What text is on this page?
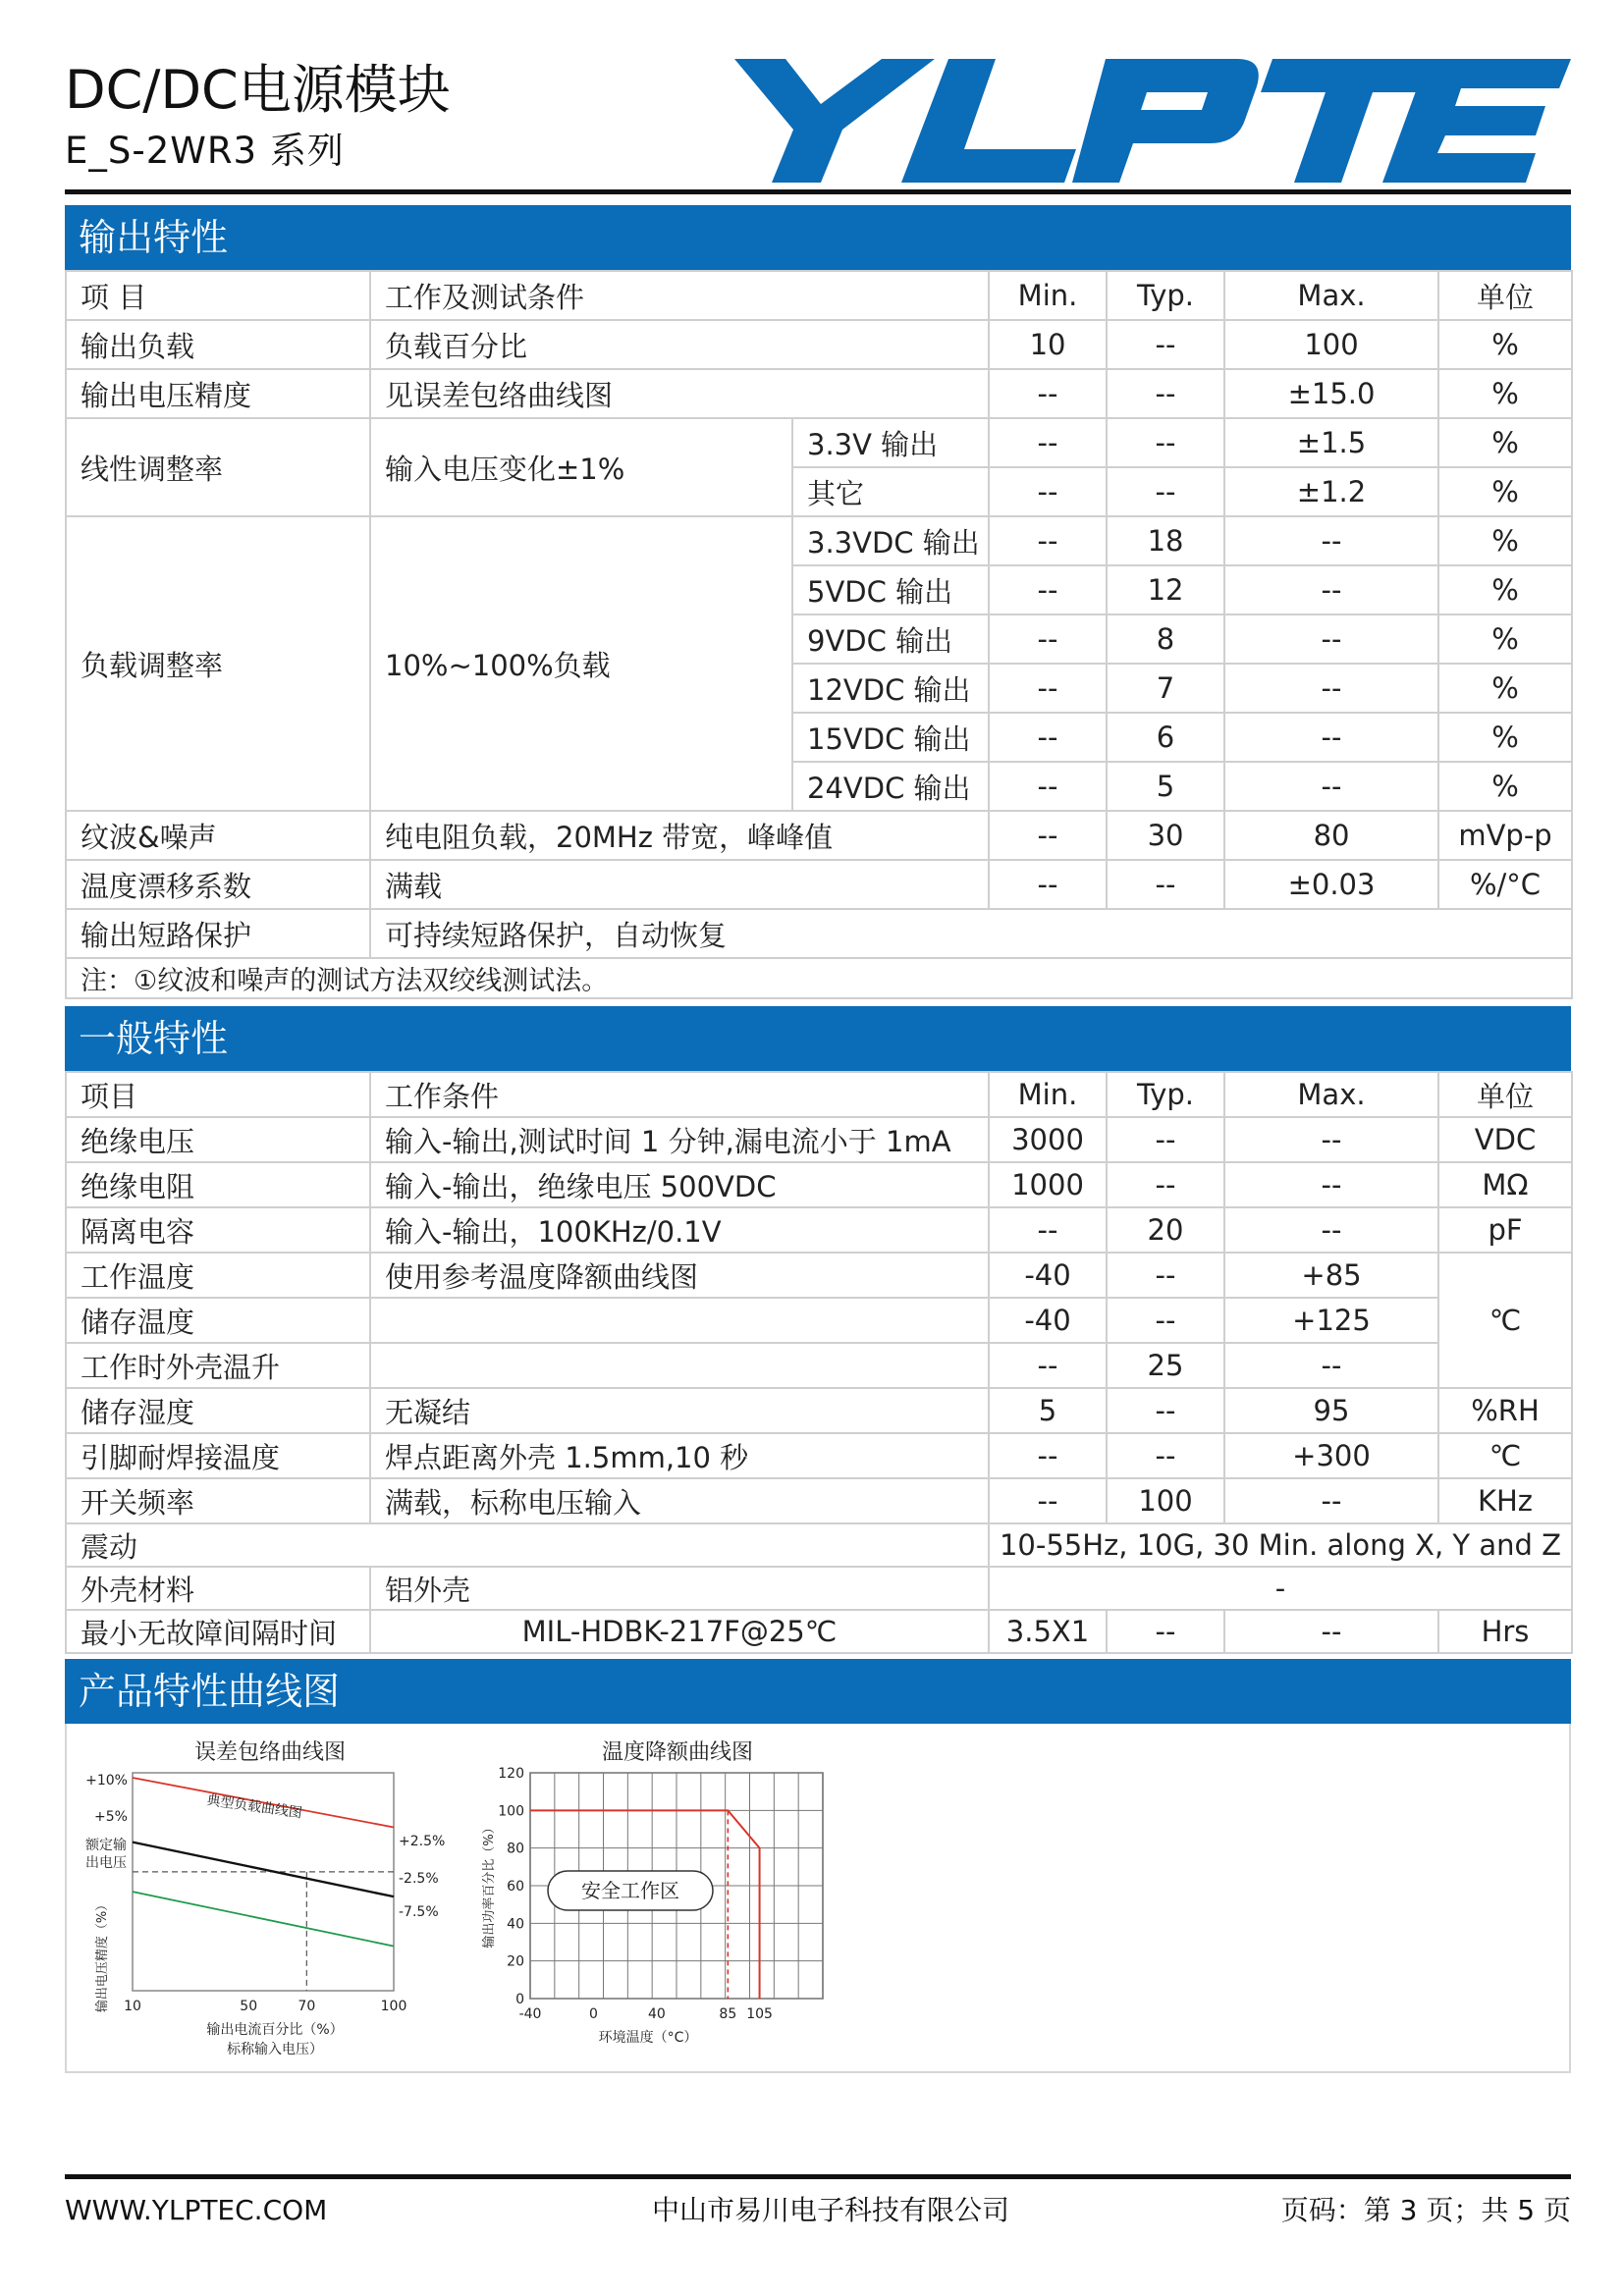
DC/DC电源模块
E_S-2WR3 系列
输出特性
项 目	工作及测试条件		Min.	Typ.	Max.	单位
输出负载	负载百分比		10	--	100	%
输出电压精度	见误差包络曲线图		--	--	±15.0	%
线性调整率	输入电压变化±1%	3.3V 输出	--	--	±1.5	%
		其它	--	--	±1.2	%
负载调整率	10%~100%负载	3.3VDC 输出	--	18	--	%
		5VDC 输出	--	12	--	%
		9VDC 输出	--	8	--	%
		12VDC 输出	--	7	--	%
		15VDC 输出	--	6	--	%
		24VDC 输出	--	5	--	%
纹波&噪声	纯电阻负载，20MHz 带宽，峰峰值		--	30	80	mVp-p
温度漂移系数	满载		--	--	±0.03	%/°C
输出短路保护	可持续短路保护，自动恢复					
注：①纹波和噪声的测试方法双绞线测试法。						
一般特性
项目	工作条件	Min.	Typ.	Max.	单位
绝缘电压	输入-输出,测试时间 1 分钟,漏电流小于 1mA	3000	--	--	VDC
绝缘电阻	输入-输出，绝缘电压 500VDC	1000	--	--	MΩ
隔离电容	输入-输出，100KHz/0.1V	--	20	--	pF
工作温度	使用参考温度降额曲线图	-40	--	+85	℃
储存温度		-40	--	+125	
工作时外壳温升		--	25	--	
储存湿度	无凝结	5	--	95	%RH
引脚耐焊接温度	焊点距离外壳 1.5mm,10 秒	--	--	+300	℃
开关频率	满载，标称电压输入	--	100	--	KHz
震动		10-55Hz, 10G, 30 Min. along X, Y and Z			
外壳材料	铝外壳	-			
最小无故障间隔时间	MIL-HDBK-217F@25℃	3.5X1	--	--	Hrs
产品特性曲线图
误差包络曲线图
+10%
+5%
额定输
出电压
输出电压精度（%）
+2.5%
-2.5%
-7.5%
典型负载曲线图
10	50	70	100
输出电流百分比（%）
标称输入电压）
温度降额曲线图
0
20
40
60
80
100
120
-40	0	40	85 105
安全工作区
输出功率百分比（%）
环境温度（°C）
WWW.YLPTEC.COM	中山市易川电子科技有限公司	页码：第 3 页；共 5 页
